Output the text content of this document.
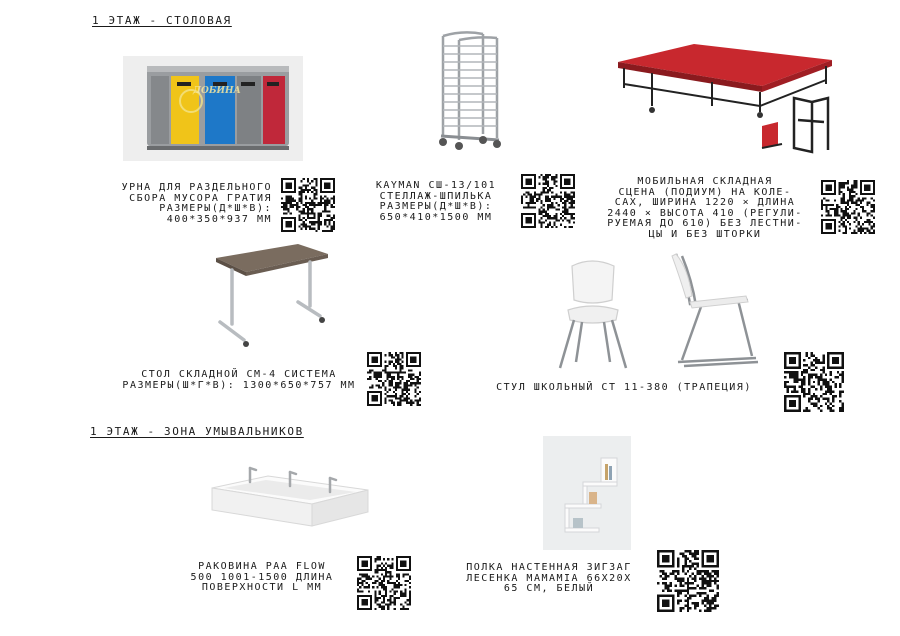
1 ЭТАЖ - СТОЛОВАЯ
1 ЭТАЖ - ЗОНА УМЫВАЛЬНИКОВ
ДОБИНА
УРНА ДЛЯ РАЗДЕЛЬНОГО
СБОРА МУСОРА ГРАТИЯ
РАЗМЕРЫ(Д*Ш*В):
400*350*937 ММ
KAYMAN СШ-13/101
СТЕЛЛАЖ-ШПИЛЬКА
РАЗМЕРЫ(Д*Ш*В):
650*410*1500 ММ
МОБИЛЬНАЯ СКЛАДНАЯ
СЦЕНА (ПОДИУМ) НА КОЛЕ-
САХ, ШИРИНА 1220 × ДЛИНА
2440 × ВЫСОТА 410 (РЕГУЛИ-
РУЕМАЯ ДО 610) БЕЗ ЛЕСТНИ-
ЦЫ И БЕЗ ШТОРКИ
СТОЛ СКЛАДНОЙ СМ-4 СИСТЕМА
РАЗМЕРЫ(Ш*Г*В): 1300*650*757 ММ	СТУЛ ШКОЛЬНЫЙ СТ 11-380 (ТРАПЕЦИЯ)
РАКОВИНА PAA FLOW
500 1001-1500 ДЛИНА
ПОВЕРХНОСТИ L ММ
ПОЛКА НАСТЕННАЯ ЗИГЗАГ
ЛЕСЕНКА MAMAMIA 66X20X
65 СМ, БЕЛЫЙ
